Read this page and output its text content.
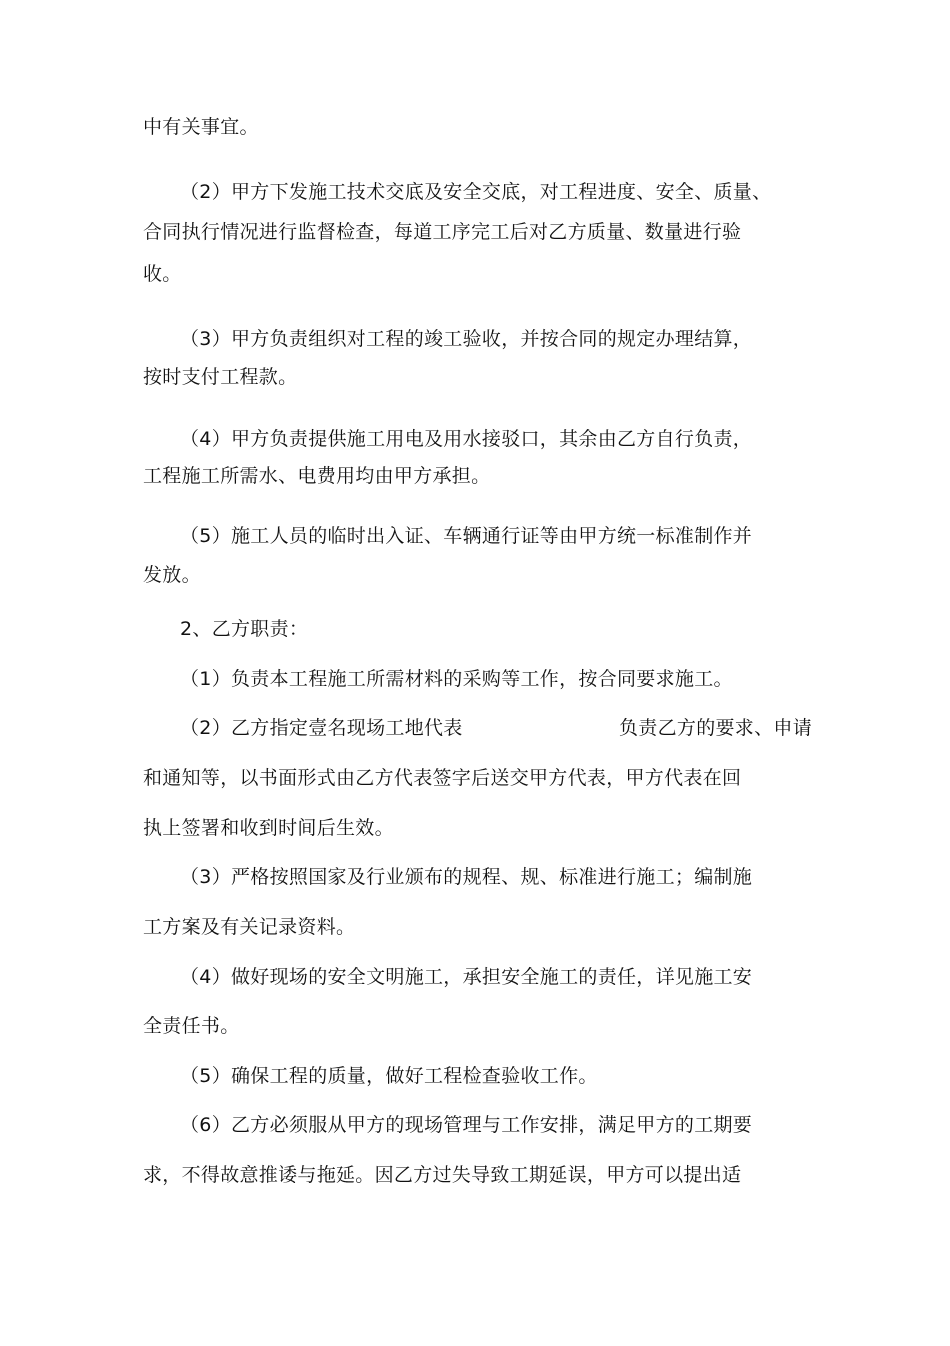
中有关事宜。
（2）甲方下发施工技术交底及安全交底，对工程进度、安全、质量、
合同执行情况进行监督检查，每道工序完工后对乙方质量、数量进行验
收。
（3）甲方负责组织对工程的竣工验收，并按合同的规定办理结算，
按时支付工程款。
（4）甲方负责提供施工用电及用水接驳口，其余由乙方自行负责，
工程施工所需水、电费用均由甲方承担。
（5）施工人员的临时出入证、车辆通行证等由甲方统一标准制作并
发放。
2、乙方职责：
（1）负责本工程施工所需材料的采购等工作，按合同要求施工。
（2）乙方指定壹名现场工地代表	负责乙方的要求、申请
和通知等，以书面形式由乙方代表签字后送交甲方代表，甲方代表在回
执上签署和收到时间后生效。
（3）严格按照国家及行业颁布的规程、规、标准进行施工；编制施
工方案及有关记录资料。
（4）做好现场的安全文明施工，承担安全施工的责任，详见施工安
全责任书。
（5）确保工程的质量，做好工程检查验收工作。
（6）乙方必须服从甲方的现场管理与工作安排，满足甲方的工期要
求，不得故意推诿与拖延。因乙方过失导致工期延误，甲方可以提出适
